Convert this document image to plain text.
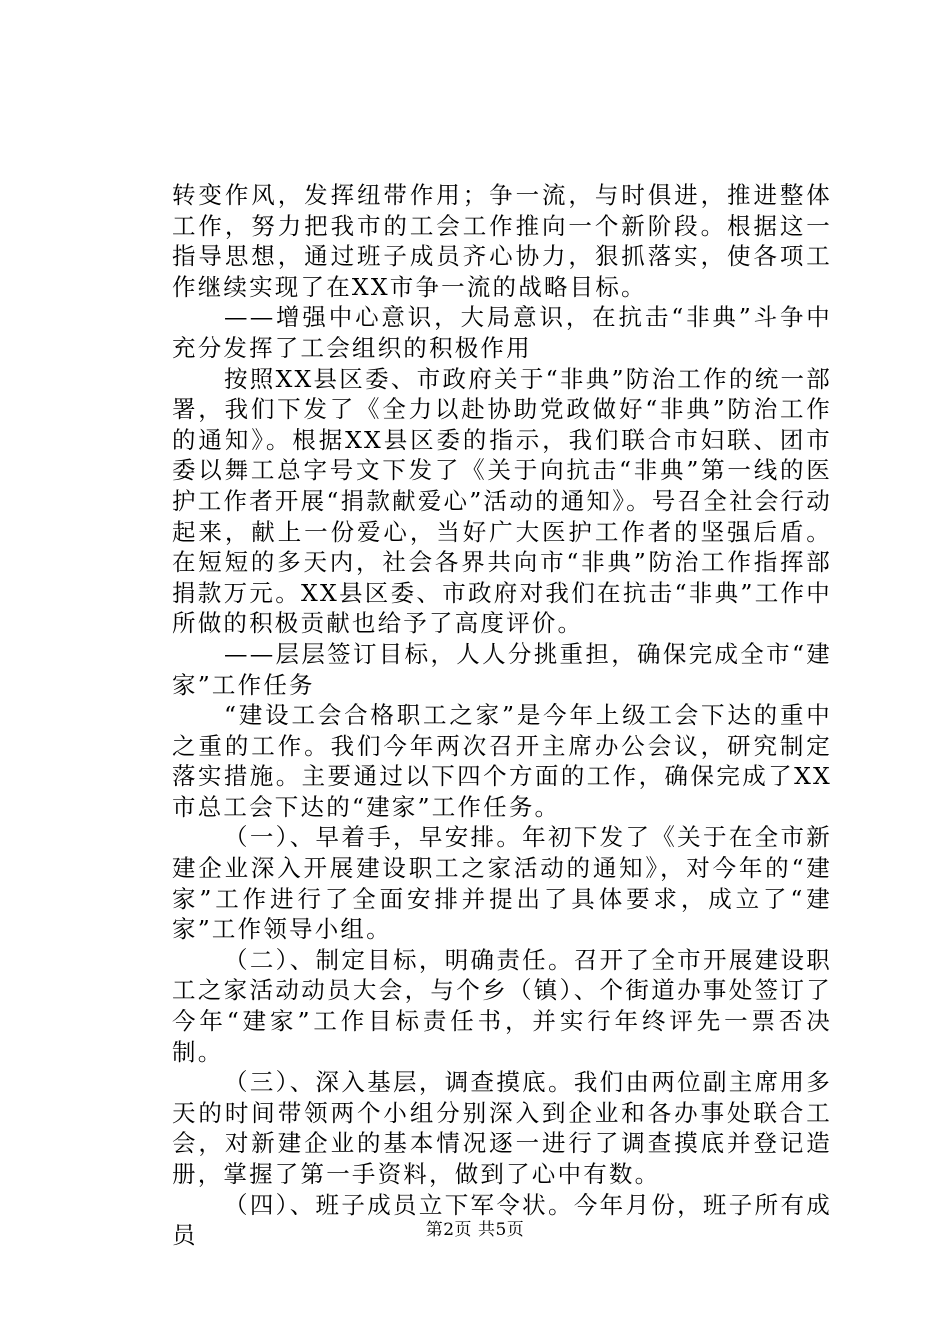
转变作风，发挥纽带作用；争一流，与时俱进，推进整体工作，努力把我市的工会工作推向一个新阶段。根据这一指导思想，通过班子成员齐心协力，狠抓落实，使各项工作继续实现了在XX市争一流的战略目标。

——增强中心意识，大局意识，在抗击“非典”斗争中充分发挥了工会组织的积极作用

按照XX县区委、市政府关于“非典”防治工作的统一部署，我们下发了《全力以赴协助党政做好“非典”防治工作的通知》。根据XX县区委的指示，我们联合市妇联、团市委以舞工总字号文下发了《关于向抗击“非典”第一线的医护工作者开展“捐款献爱心”活动的通知》。号召全社会行动起来，献上一份爱心，当好广大医护工作者的坚强后盾。在短短的多天内，社会各界共向市“非典”防治工作指挥部捐款万元。XX县区委、市政府对我们在抗击“非典”工作中所做的积极贡献也给予了高度评价。

——层层签订目标，人人分挑重担，确保完成全市“建家”工作任务

“建设工会合格职工之家”是今年上级工会下达的重中之重的工作。我们今年两次召开主席办公会议，研究制定落实措施。主要通过以下四个方面的工作，确保完成了XX市总工会下达的“建家”工作任务。

（一）、早着手，早安排。年初下发了《关于在全市新建企业深入开展建设职工之家活动的通知》，对今年的“建家”工作进行了全面安排并提出了具体要求，成立了“建家”工作领导小组。

（二）、制定目标，明确责任。召开了全市开展建设职工之家活动动员大会，与个乡（镇）、个街道办事处签订了今年“建家”工作目标责任书，并实行年终评先一票否决制。

（三）、深入基层，调查摸底。我们由两位副主席用多天的时间带领两个小组分别深入到企业和各办事处联合工会，对新建企业的基本情况逐一进行了调查摸底并登记造册，掌握了第一手资料，做到了心中有数。

（四）、班子成员立下军令状。今年月份，班子所有成员	第2页 共5页
